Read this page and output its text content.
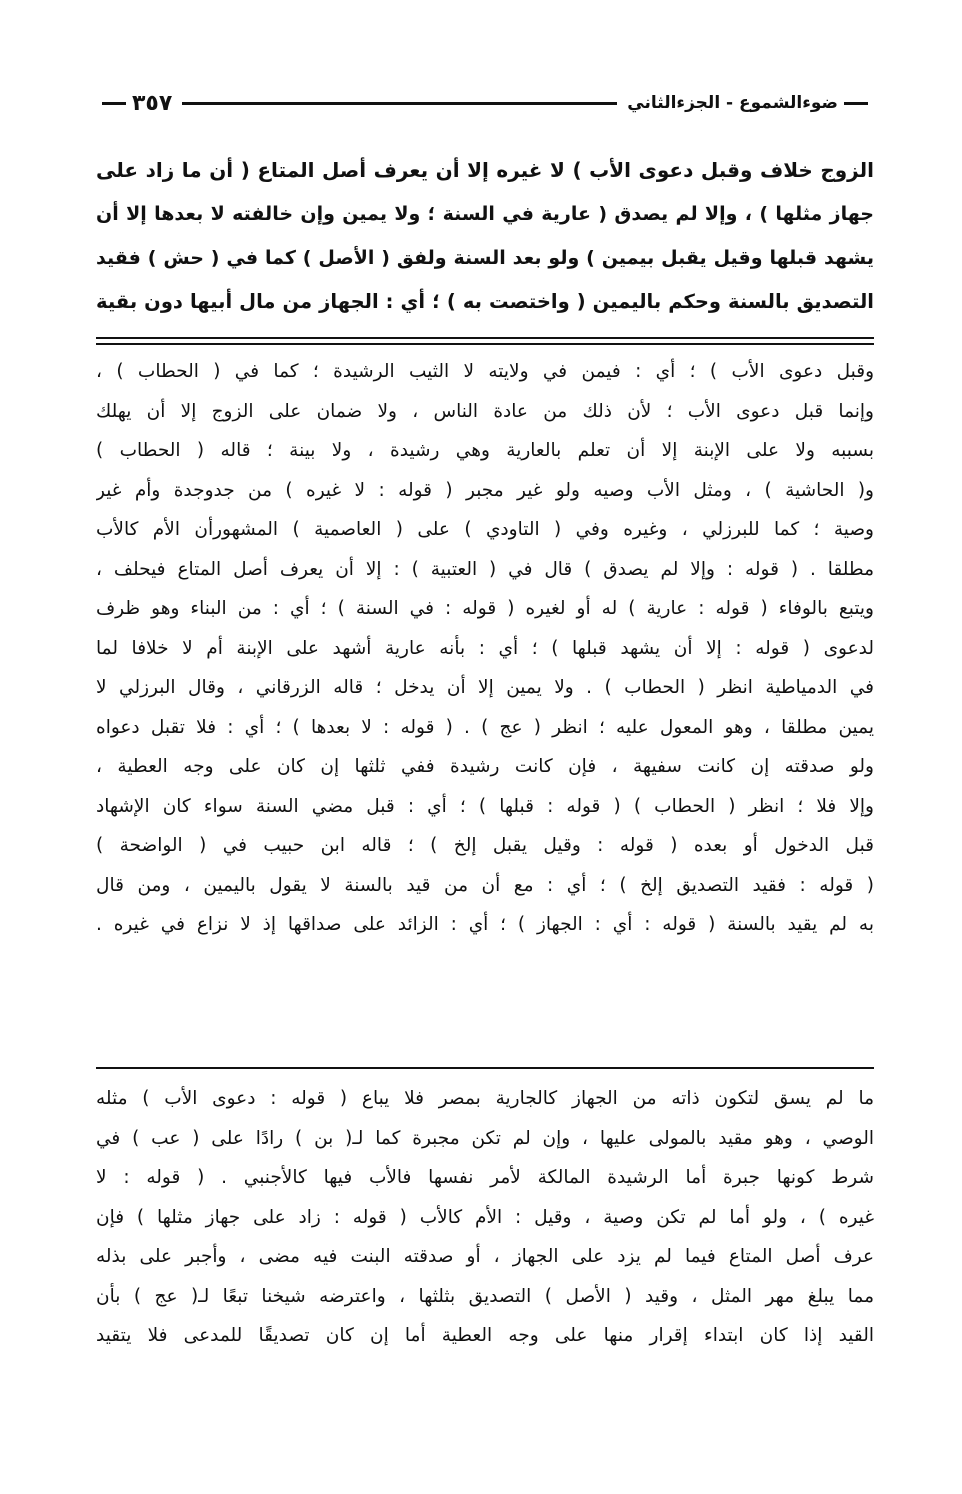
ضوءالشموع - الجزءالثاني
٣٥٧
الزوج خلاف وقبل دعوى الأب ) لا غيره إلا أن يعرف أصل المتاع ( أن ما زاد على
جهاز مثلها ) ، وإلا لم يصدق ( عارية في السنة ؛ ولا يمين وإن خالفته لا بعدها إلا أن
يشهد قبلها وقيل يقبل بيمين ) ولو بعد السنة ولفق ( الأصل ) كما في ( حش ) فقيد
التصديق بالسنة وحكم باليمين ( واختصت به ) ؛ أي : الجهاز من مال أبيها دون بقية
وقبل دعوى الأب ) ؛ أي : فيمن في ولايته لا الثيب الرشيدة ؛ كما في ( الحطاب ) ،
وإنما قبل دعوى الأب ؛ لأن ذلك من عادة الناس ، ولا ضمان على الزوج إلا أن يهلك
بسببه ولا على الإبنة إلا أن تعلم بالعارية وهي رشيدة ، ولا بينة ؛ قاله ( الحطاب )
و( الحاشية ) ، ومثل الأب وصيه ولو غير مجبر ( قوله : لا غيره ) من جدوجدة وأم غير
وصية ؛ كما للبرزلي ، وغيره وفي ( التاودي ) على ( العاصمية ) المشهورأن الأم كالأب
مطلقا . ( قوله : وإلا لم يصدق ) قال في ( العتبية ) : إلا أن يعرف أصل المتاع فيحلف ،
ويتبع بالوفاء ( قوله : عارية ) له أو لغيره ( قوله : في السنة ) ؛ أي : من البناء وهو ظرف
لدعوى ( قوله : إلا أن يشهد قبلها ) ؛ أي : بأنه عارية أشهد على الإبنة أم لا خلافا لما
في الدمياطية انظر ( الحطاب ) . ولا يمين إلا أن يدخل ؛ قاله الزرقاني ، وقال البرزلي لا
يمين مطلقا ، وهو المعول عليه ؛ انظر ( عج ) . ( قوله : لا بعدها ) ؛ أي : فلا تقبل دعواه
ولو صدقته إن كانت سفيهة ، فإن كانت رشيدة ففي ثلثها إن كان على وجه العطية ،
وإلا فلا ؛ انظر ( الحطاب ) ( قوله : قبلها ) ؛ أي : قبل مضي السنة سواء كان الإشهاد
قبل الدخول أو بعده ( قوله : وقيل يقبل إلخ ) ؛ قاله ابن حبيب في ( الواضحة )
( قوله : فقيد التصديق إلخ ) ؛ أي : مع أن من قيد بالسنة لا يقول باليمين ، ومن قال
به لم يقيد بالسنة ( قوله : أي : الجهاز ) ؛ أي : الزائد على صداقها إذ لا نزاع في غيره .
ما لم يسق لتكون ذاته من الجهاز كالجارية بمصر فلا يباع ( قوله : دعوى الأب ) مثله
الوصي ، وهو مقيد بالمولى عليها ، وإن لم تكن مجبرة كما لـ( بن ) رادًا على ( عب ) في
شرط كونها جبرة أما الرشيدة المالكة لأمر نفسها فالأب فيها كالأجنبي . ( قوله : لا
غيره ) ، ولو أما لم تكن وصية ، وقيل : الأم كالأب ( قوله : زاد على جهاز مثلها ) فإن
عرف أصل المتاع فيما لم يزد على الجهاز ، أو صدقته البنت فيه مضى ، وأجبر على بذله
مما يبلغ مهر المثل ، وقيد ( الأصل ) التصديق بثلثها ، واعترضه شيخنا تبعًا لـ( عج ) بأن
القيد إذا كان ابتداء إقرار منها على وجه العطية أما إن كان تصديقًا للمدعى فلا يتقيد
